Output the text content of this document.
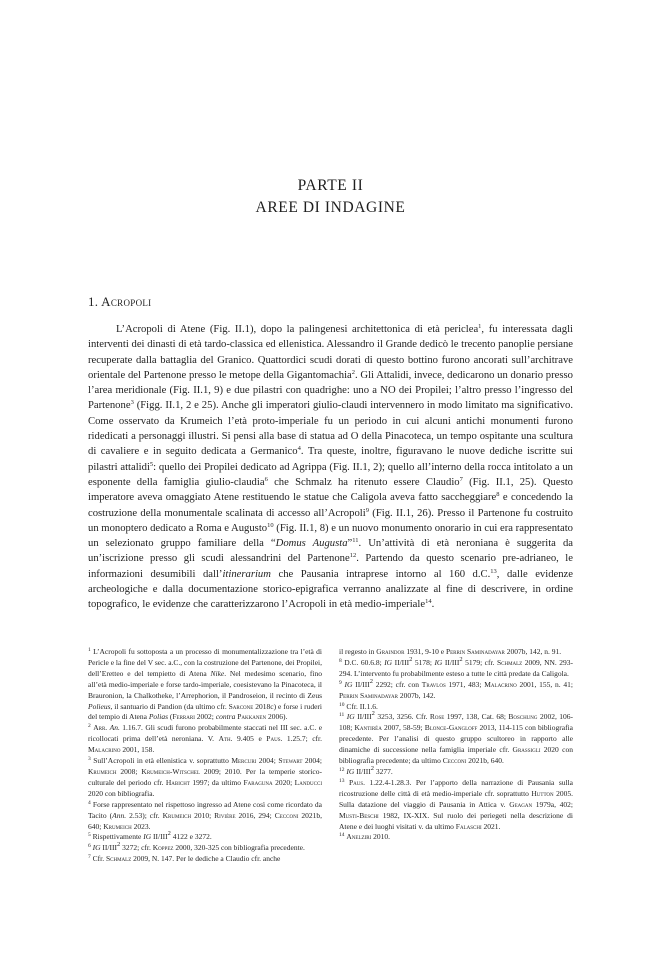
PARTE II
AREE DI INDAGINE
1. Acropoli

L’Acropoli di Atene (Fig. II.1), dopo la palingenesi architettonica di età periclea$^1$, fu interessata dagli interventi dei dinasti di età tardo-classica ed ellenistica. Alessandro il Grande dedicò le trecento panoplie persiane recuperate dalla battaglia del Granico. Quattordici scudi dorati di questo bottino furono ancorati sull’architrave orientale del Partenone presso le metope della Gigantomachia$^2$. Gli Attalidi, invece, dedicarono un donario presso l’area meridionale (Fig. II.1, 9) e due pilastri con quadrighe: uno a NO dei Propilei; l’altro presso l’ingresso del Partenone$^3$ (Figg. II.1, 2 e 25). Anche gli imperatori giulio-claudi intervennero in modo limitato ma significativo. Come osservato da Krumeich l’età proto-imperiale fu un periodo in cui alcuni antichi monumenti furono ridedicati a personaggi illustri. Si pensi alla base di statua ad O della Pinacoteca, un tempo ospitante una scultura di cavaliere e in seguito dedicata a Germanico$^4$. Tra queste, inoltre, figuravano le nuove dediche iscritte sui pilastri attalidi$^5$: quello dei Propilei dedicato ad Agrippa (Fig. II.1, 2); quello all’interno della rocca intitolato a un esponente della famiglia giulio-claudia$^6$ che Schmalz ha ritenuto essere Claudio$^7$ (Fig. II.1, 25). Questo imperatore aveva omaggiato Atene restituendo le statue che Caligola aveva fatto saccheggiare$^8$ e concedendo la costruzione della monumentale scalinata di accesso all’Acropoli$^9$ (Fig. II.1, 26). Presso il Partenone fu costruito un monoptero dedicato a Roma e Augusto$^{10}$ (Fig. II.1, 8) e un nuovo monumento onorario in cui era rappresentato un selezionato gruppo familiare della “Domus Augusta”$^{11}$. Un’attività di età neroniana è suggerita da un’iscrizione presso gli scudi alessandrini del Partenone$^{12}$. Partendo da questo scenario pre-adrianeo, le informazioni desumibili dall’itinerarium che Pausania intraprese intorno al 160 d.C.$^{13}$, dalle evidenze archeologiche e dalla documentazione storico-epigrafica verranno analizzate al fine di descrivere, in ordine topografico, le evidenze che caratterizzarono l’Acropoli in età medio-imperiale$^{14}$.

$^1$ L’Acropoli fu sottoposta a un processo di monumentalizzazione tra l’età di Pericle e la fine del V sec. a.C., con la costruzione del Partenone, dei Propilei, dell’Eretteo e del tempietto di Atena Nike. Nel medesimo scenario, fino all’età medio-imperiale e forse tardo-imperiale, coesistevano la Pinacoteca, il Brauronion, la Chalkotheke, l’Arrephorion, il Pandroseion, il recinto di Zeus Polieus, il santuario di Pandion (da ultimo cfr. Sarcone 2018c) e forse i ruderi del tempio di Atena Polias (Ferrari 2002; contra Pakkanen 2006).

$^2$ Arr. An. 1.16.7. Gli scudi furono probabilmente staccati nel III sec. a.C. e ricollocati prima dell’età neroniana. V. Ath. 9.405 e Paus. 1.25.7; cfr. Malacrino 2001, 158.

$^3$ Sull’Acropoli in età ellenistica v. soprattutto Mercuri 2004; Stewart 2004; Krumeich 2008; Krumeich-Witschel 2009; 2010. Per la temperie storico-culturale del periodo cfr. Habicht 1997; da ultimo Faraguna 2020; Landucci 2020 con bibliografia.

$^4$ Forse rappresentato nel rispettoso ingresso ad Atene così come ricordato da Tacito (Ann. 2.53); cfr. Krumeich 2010; Rivière 2016, 294; Cecconi 2021b, 640; Krumeich 2023.

$^5$ Rispettivamente IG II/III$^2$ 4122 e 3272.

$^6$ IG II/III$^2$ 3272; cfr. Koppez 2000, 320-325 con bibliografia precedente.

$^7$ Cfr. Schmalz 2009, N. 147. Per le dediche a Claudio cfr. anche

il regesto in Graindor 1931, 9-10 e Perrin Saminadayar 2007b, 142, n. 91.

$^8$ D.C. 60.6.8; IG II/III$^2$ 5178; IG II/III$^2$ 5179; cfr. Schmalz 2009, NN. 293-294. L’intervento fu probabilmente esteso a tutte le città predate da Caligola.

$^9$ IG II/III$^2$ 2292; cfr. con Travlos 1971, 483; Malacrino 2001, 155, n. 41; Perrin Saminadayar 2007b, 142.

$^{10}$ Cfr. II.1.6.

$^{11}$ IG II/III$^2$ 3253, 3256. Cfr. Rose 1997, 138, Cat. 68; Boschung 2002, 106-108; Kantiréa 2007, 58-59; Blonce-Gangloff 2013, 114-115 con bibliografia precedente. Per l’analisi di questo gruppo scultoreo in rapporto alle dinamiche di successione nella famiglia imperiale cfr. Grassigli 2020 con bibliografia precedente; da ultimo Cecconi 2021b, 640.

$^{12}$ IG II/III$^2$ 3277.

$^{13}$ Paus. 1.22.4-1.28.3. Per l’apporto della narrazione di Pausania sulla ricostruzione delle città di età medio-imperiale cfr. soprattutto Hutton 2005. Sulla datazione del viaggio di Pausania in Attica v. Geagan 1979a, 402; Musti-Beschi 1982, IX-XIX. Sul ruolo dei periegeti nella descrizione di Atene e dei luoghi visitati v. da ultimo Falaschi 2021.

$^{14}$ Anelziri 2010.
